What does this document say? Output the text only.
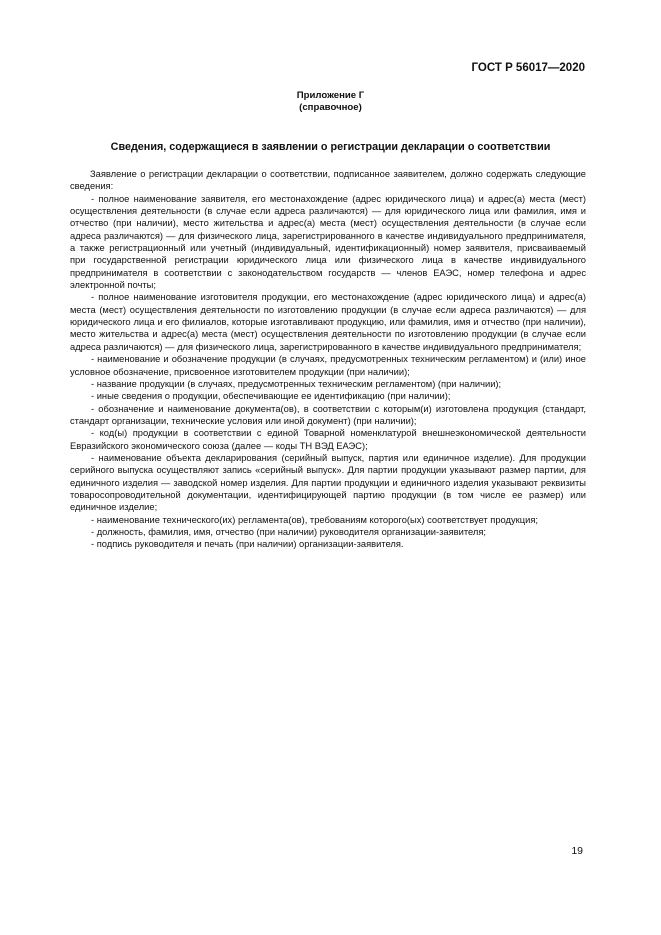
ГОСТ Р 56017—2020
Приложение Г
(справочное)
Сведения, содержащиеся в заявлении о регистрации декларации о соответствии

Заявление о регистрации декларации о соответствии, подписанное заявителем, должно содержать следующие сведения:

- полное наименование заявителя, его местонахождение (адрес юридического лица) и адрес(а) места (мест) осуществления деятельности (в случае если адреса различаются) — для юридического лица или фамилия, имя и отчество (при наличии), место жительства и адрес(а) места (мест) осуществления деятельности (в случае если адреса различаются) — для физического лица, зарегистрированного в качестве индивидуального предпринимателя, а также регистрационный или учетный (индивидуальный, идентификационный) номер заявителя, присваиваемый при государственной регистрации юридического лица или физического лица в качестве индивидуального предпринимателя в соответствии с законодательством государств — членов ЕАЭС, номер телефона и адрес электронной почты;

- полное наименование изготовителя продукции, его местонахождение (адрес юридического лица) и адрес(а) места (мест) осуществления деятельности по изготовлению продукции (в случае если адреса различаются) — для юридического лица и его филиалов, которые изготавливают продукцию, или фамилия, имя и отчество (при наличии), место жительства и адрес(а) места (мест) осуществления деятельности по изготовлению продукции (в случае если адреса различаются) — для физического лица, зарегистрированного в качестве индивидуального предпринимателя;

- наименование и обозначение продукции (в случаях, предусмотренных техническим регламентом) и (или) иное условное обозначение, присвоенное изготовителем продукции (при наличии);

- название продукции (в случаях, предусмотренных техническим регламентом) (при наличии);

- иные сведения о продукции, обеспечивающие ее идентификацию (при наличии);

- обозначение и наименование документа(ов), в соответствии с которым(и) изготовлена продукция (стандарт, стандарт организации, технические условия или иной документ) (при наличии);

- код(ы) продукции в соответствии с единой Товарной номенклатурой внешнеэкономической деятельности Евразийского экономического союза (далее — коды ТН ВЭД ЕАЭС);

- наименование объекта декларирования (серийный выпуск, партия или единичное изделие). Для продукции серийного выпуска осуществляют запись «серийный выпуск». Для партии продукции указывают размер партии, для единичного изделия — заводской номер изделия. Для партии продукции и единичного изделия указывают реквизиты товаросопроводительной документации, идентифицирующей партию продукции (в том числе ее размер) или единичное изделие;

- наименование технического(их) регламента(ов), требованиям которого(ых) соответствует продукция;

- должность, фамилия, имя, отчество (при наличии) руководителя организации-заявителя;

- подпись руководителя и печать (при наличии) организации-заявителя.

19
